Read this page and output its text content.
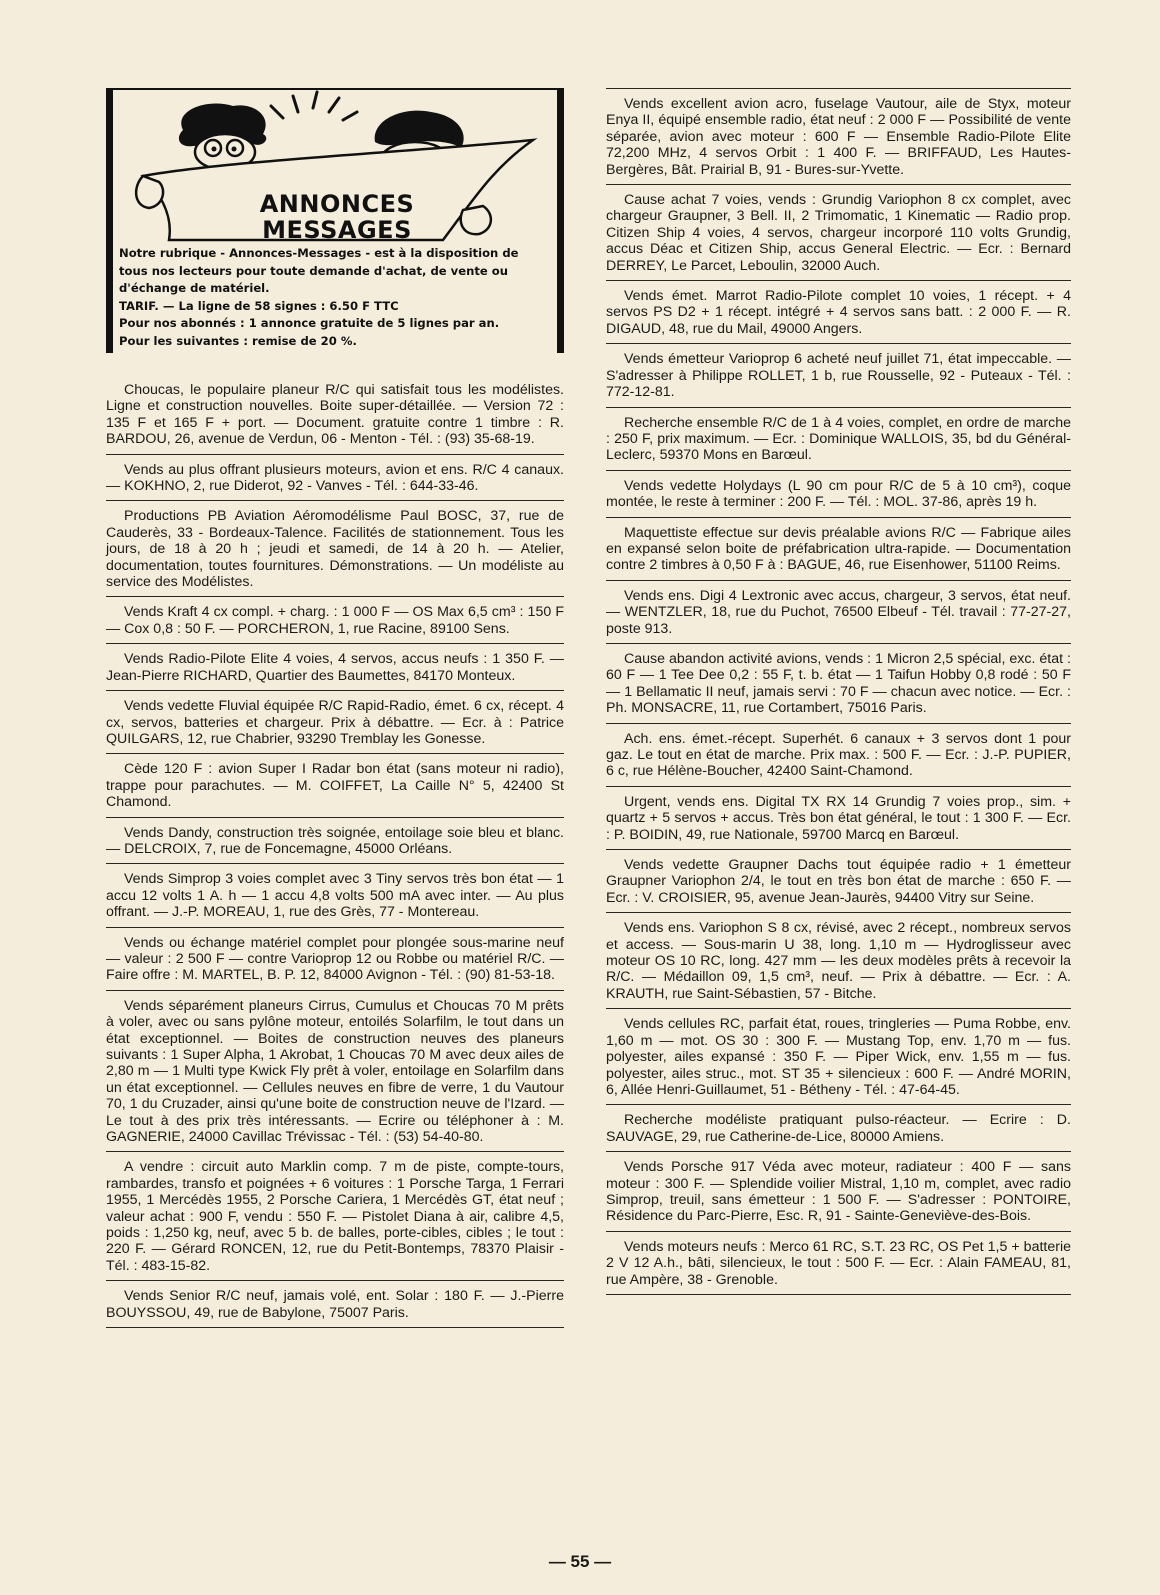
ANNONCES
MESSAGES

Notre rubrique - Annonces-Messages - est à la disposition de tous nos lecteurs pour toute demande d'achat, de vente ou d'échange de matériel.

TARIF. — La ligne de 58 signes : 6.50 F TTC

Pour nos abonnés : 1 annonce gratuite de 5 lignes par an.

Pour les suivantes : remise de 20 %.

Choucas, le populaire planeur R/C qui satisfait tous les modélistes. Ligne et construction nouvelles. Boite super-détaillée. — Version 72 : 135 F et 165 F + port. — Document. gratuite contre 1 timbre : R. BARDOU, 26, avenue de Verdun, 06 - Menton - Tél. : (93) 35-68-19.

Vends au plus offrant plusieurs moteurs, avion et ens. R/C 4 canaux. — KOKHNO, 2, rue Diderot, 92 - Vanves - Tél. : 644-33-46.

Productions PB Aviation Aéromodélisme Paul BOSC, 37, rue de Cauderès, 33 - Bordeaux-Talence. Facilités de stationnement. Tous les jours, de 18 à 20 h ; jeudi et samedi, de 14 à 20 h. — Atelier, documentation, toutes fournitures. Démonstrations. — Un modéliste au service des Modélistes.

Vends Kraft 4 cx compl. + charg. : 1 000 F — OS Max 6,5 cm³ : 150 F — Cox 0,8 : 50 F. — PORCHERON, 1, rue Racine, 89100 Sens.

Vends Radio-Pilote Elite 4 voies, 4 servos, accus neufs : 1 350 F. — Jean-Pierre RICHARD, Quartier des Baumettes, 84170 Monteux.

Vends vedette Fluvial équipée R/C Rapid-Radio, émet. 6 cx, récept. 4 cx, servos, batteries et chargeur. Prix à débattre. — Ecr. à : Patrice QUILGARS, 12, rue Chabrier, 93290 Tremblay les Gonesse.

Cède 120 F : avion Super I Radar bon état (sans moteur ni radio), trappe pour parachutes. — M. COIFFET, La Caille N° 5, 42400 St Chamond.

Vends Dandy, construction très soignée, entoilage soie bleu et blanc. — DELCROIX, 7, rue de Foncemagne, 45000 Orléans.

Vends Simprop 3 voies complet avec 3 Tiny servos très bon état — 1 accu 12 volts 1 A. h — 1 accu 4,8 volts 500 mA avec inter. — Au plus offrant. — J.-P. MOREAU, 1, rue des Grès, 77 - Montereau.

Vends ou échange matériel complet pour plongée sous-marine neuf — valeur : 2 500 F — contre Varioprop 12 ou Robbe ou matériel R/C. — Faire offre : M. MARTEL, B. P. 12, 84000 Avignon - Tél. : (90) 81-53-18.

Vends séparément planeurs Cirrus, Cumulus et Choucas 70 M prêts à voler, avec ou sans pylône moteur, entoilés Solarfilm, le tout dans un état exceptionnel. — Boites de construction neuves des planeurs suivants : 1 Super Alpha, 1 Akrobat, 1 Choucas 70 M avec deux ailes de 2,80 m — 1 Multi type Kwick Fly prêt à voler, entoilage en Solarfilm dans un état exceptionnel. — Cellules neuves en fibre de verre, 1 du Vautour 70, 1 du Cruzader, ainsi qu'une boite de construction neuve de l'Izard. — Le tout à des prix très intéressants. — Ecrire ou téléphoner à : M. GAGNERIE, 24000 Cavillac Trévissac - Tél. : (53) 54-40-80.

A vendre : circuit auto Marklin comp. 7 m de piste, compte-tours, rambardes, transfo et poignées + 6 voitures : 1 Porsche Targa, 1 Ferrari 1955, 1 Mercédès 1955, 2 Porsche Cariera, 1 Mercédès GT, état neuf ; valeur achat : 900 F, vendu : 550 F. — Pistolet Diana à air, calibre 4,5, poids : 1,250 kg, neuf, avec 5 b. de balles, porte-cibles, cibles ; le tout : 220 F. — Gérard RONCEN, 12, rue du Petit-Bontemps, 78370 Plaisir - Tél. : 483-15-82.

Vends Senior R/C neuf, jamais volé, ent. Solar : 180 F. — J.-Pierre BOUYSSOU, 49, rue de Babylone, 75007 Paris.

Vends excellent avion acro, fuselage Vautour, aile de Styx, moteur Enya II, équipé ensemble radio, état neuf : 2 000 F — Possibilité de vente séparée, avion avec moteur : 600 F — Ensemble Radio-Pilote Elite 72,200 MHz, 4 servos Orbit : 1 400 F. — BRIFFAUD, Les Hautes-Bergères, Bât. Prairial B, 91 - Bures-sur-Yvette.

Cause achat 7 voies, vends : Grundig Variophon 8 cx complet, avec chargeur Graupner, 3 Bell. II, 2 Trimomatic, 1 Kinematic — Radio prop. Citizen Ship 4 voies, 4 servos, chargeur incorporé 110 volts Grundig, accus Déac et Citizen Ship, accus General Electric. — Ecr. : Bernard DERREY, Le Parcet, Leboulin, 32000 Auch.

Vends émet. Marrot Radio-Pilote complet 10 voies, 1 récept. + 4 servos PS D2 + 1 récept. intégré + 4 servos sans batt. : 2 000 F. — R. DIGAUD, 48, rue du Mail, 49000 Angers.

Vends émetteur Varioprop 6 acheté neuf juillet 71, état impeccable. — S'adresser à Philippe ROLLET, 1 b, rue Rousselle, 92 - Puteaux - Tél. : 772-12-81.

Recherche ensemble R/C de 1 à 4 voies, complet, en ordre de marche : 250 F, prix maximum. — Ecr. : Dominique WALLOIS, 35, bd du Général-Leclerc, 59370 Mons en Barœul.

Vends vedette Holydays (L 90 cm pour R/C de 5 à 10 cm³), coque montée, le reste à terminer : 200 F. — Tél. : MOL. 37-86, après 19 h.

Maquettiste effectue sur devis préalable avions R/C — Fabrique ailes en expansé selon boite de préfabrication ultra-rapide. — Documentation contre 2 timbres à 0,50 F à : BAGUE, 46, rue Eisenhower, 51100 Reims.

Vends ens. Digi 4 Lextronic avec accus, chargeur, 3 servos, état neuf. — WENTZLER, 18, rue du Puchot, 76500 Elbeuf - Tél. travail : 77-27-27, poste 913.

Cause abandon activité avions, vends : 1 Micron 2,5 spécial, exc. état : 60 F — 1 Tee Dee 0,2 : 55 F, t. b. état — 1 Taifun Hobby 0,8 rodé : 50 F — 1 Bellamatic II neuf, jamais servi : 70 F — chacun avec notice. — Ecr. : Ph. MONSACRE, 11, rue Cortambert, 75016 Paris.

Ach. ens. émet.-récept. Superhét. 6 canaux + 3 servos dont 1 pour gaz. Le tout en état de marche. Prix max. : 500 F. — Ecr. : J.-P. PUPIER, 6 c, rue Hélène-Boucher, 42400 Saint-Chamond.

Urgent, vends ens. Digital TX RX 14 Grundig 7 voies prop., sim. + quartz + 5 servos + accus. Très bon état général, le tout : 1 300 F. — Ecr. : P. BOIDIN, 49, rue Nationale, 59700 Marcq en Barœul.

Vends vedette Graupner Dachs tout équipée radio + 1 émetteur Graupner Variophon 2/4, le tout en très bon état de marche : 650 F. — Ecr. : V. CROISIER, 95, avenue Jean-Jaurès, 94400 Vitry sur Seine.

Vends ens. Variophon S 8 cx, révisé, avec 2 récept., nombreux servos et access. — Sous-marin U 38, long. 1,10 m — Hydroglisseur avec moteur OS 10 RC, long. 427 mm — les deux modèles prêts à recevoir la R/C. — Médaillon 09, 1,5 cm³, neuf. — Prix à débattre. — Ecr. : A. KRAUTH, rue Saint-Sébastien, 57 - Bitche.

Vends cellules RC, parfait état, roues, tringleries — Puma Robbe, env. 1,60 m — mot. OS 30 : 300 F. — Mustang Top, env. 1,70 m — fus. polyester, ailes expansé : 350 F. — Piper Wick, env. 1,55 m — fus. polyester, ailes struc., mot. ST 35 + silencieux : 600 F. — André MORIN, 6, Allée Henri-Guillaumet, 51 - Bétheny - Tél. : 47-64-45.

Recherche modéliste pratiquant pulso-réacteur. — Ecrire : D. SAUVAGE, 29, rue Catherine-de-Lice, 80000 Amiens.

Vends Porsche 917 Véda avec moteur, radiateur : 400 F — sans moteur : 300 F. — Splendide voilier Mistral, 1,10 m, complet, avec radio Simprop, treuil, sans émetteur : 1 500 F. — S'adresser : PONTOIRE, Résidence du Parc-Pierre, Esc. R, 91 - Sainte-Geneviève-des-Bois.

Vends moteurs neufs : Merco 61 RC, S.T. 23 RC, OS Pet 1,5 + batterie 2 V 12 A.h., bâti, silencieux, le tout : 500 F. — Ecr. : Alain FAMEAU, 81, rue Ampère, 38 - Grenoble.

— 55 —
